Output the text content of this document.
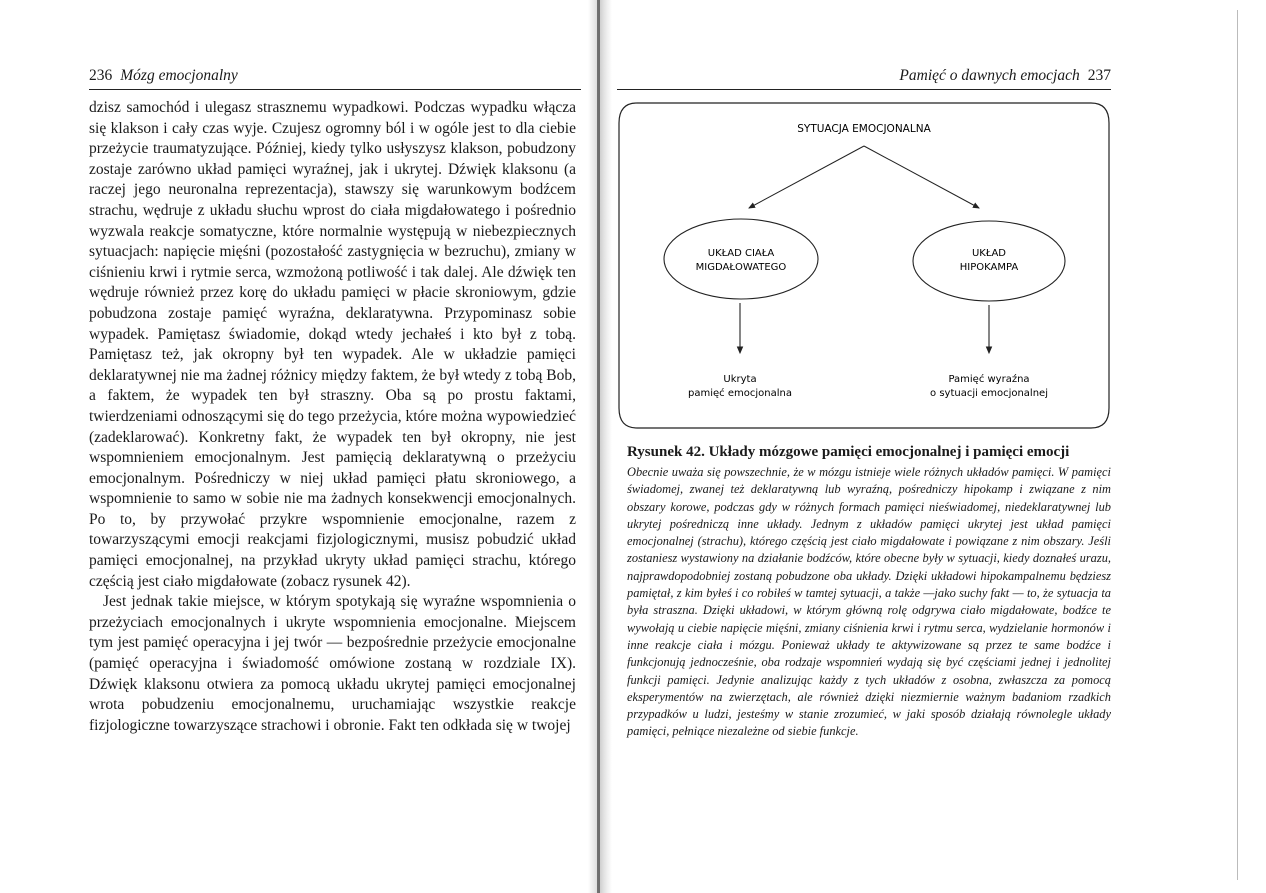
236 Mózg emocjonalny

dzisz samochód i ulegasz strasznemu wypadkowi. Podczas wypadku włącza się klakson i cały czas wyje. Czujesz ogromny ból i w ogóle jest to dla ciebie przeżycie traumatyzujące. Później, kiedy tylko usłyszysz klakson, pobudzony zostaje zarówno układ pamięci wyraźnej, jak i ukrytej. Dźwięk klaksonu (a raczej jego neuronalna reprezentacja), stawszy się warunkowym bodźcem strachu, wędruje z układu słuchu wprost do ciała migdałowatego i pośrednio wyzwala reakcje somatyczne, które normalnie występują w niebezpiecznych sytuacjach: napięcie mięśni (pozostałość zastygnięcia w bezruchu), zmiany w ciśnieniu krwi i rytmie serca, wzmożoną potliwość i tak dalej. Ale dźwięk ten wędruje również przez korę do układu pamięci w płacie skroniowym, gdzie pobudzona zostaje pamięć wyraźna, deklaratywna. Przypominasz sobie wypadek. Pamiętasz świadomie, dokąd wtedy jechałeś i kto był z tobą. Pamiętasz też, jak okropny był ten wypadek. Ale w układzie pamięci deklaratywnej nie ma żadnej różnicy między faktem, że był wtedy z tobą Bob, a faktem, że wypadek ten był straszny. Oba są po prostu faktami, twierdzeniami odnoszącymi się do tego przeżycia, które można wypowiedzieć (zadeklarować). Konkretny fakt, że wypadek ten był okropny, nie jest wspomnieniem emocjonalnym. Jest pamięcią deklaratywną o przeżyciu emocjonalnym. Pośredniczy w niej układ pamięci płatu skroniowego, a wspomnienie to samo w sobie nie ma żadnych konsekwencji emocjonalnych. Po to, by przywołać przykre wspomnienie emocjonalne, razem z towarzyszącymi emocji reakcjami fizjologicznymi, musisz pobudzić układ pamięci emocjonalnej, na przykład ukryty układ pamięci strachu, którego częścią jest ciało migdałowate (zobacz rysunek 42).

Jest jednak takie miejsce, w którym spotykają się wyraźne wspomnienia o przeżyciach emocjonalnych i ukryte wspomnienia emocjonalne. Miejscem tym jest pamięć operacyjna i jej twór — bezpośrednie przeżycie emocjonalne (pamięć operacyjna i świadomość omówione zostaną w rozdziale IX). Dźwięk klaksonu otwiera za pomocą układu ukrytej pamięci emocjonalnej wrota pobudzeniu emocjonalnemu, uruchamiając wszystkie reakcje fizjologiczne towarzyszące strachowi i obronie. Fakt ten odkłada się w twojej

Pamięć o dawnych emocjach 237
SYTUACJA EMOCJONALNA
UKŁAD CIAŁA
MIGDAŁOWATEGO
UKŁAD
HIPOKAMPA
Ukryta
pamięć emocjonalna
Pamięć wyraźna
o sytuacji emocjonalnej
Rysunek 42. Układy mózgowe pamięci emocjonalnej i pamięci emocji
Obecnie uważa się powszechnie, że w mózgu istnieje wiele różnych układów pamięci. W pamięci świadomej, zwanej też deklaratywną lub wyraźną, pośredniczy hipokamp i związane z nim obszary korowe, podczas gdy w różnych formach pamięci nieświadomej, niedeklaratywnej lub ukrytej pośredniczą inne układy. Jednym z układów pamięci ukrytej jest układ pamięci emocjonalnej (strachu), którego częścią jest ciało migdałowate i powiązane z nim obszary. Jeśli zostaniesz wystawiony na działanie bodźców, które obecne były w sytuacji, kiedy doznałeś urazu, najprawdopodobniej zostaną pobudzone oba układy. Dzięki układowi hipokampalnemu będziesz pamiętał, z kim byłeś i co robiłeś w tamtej sytuacji, a także —jako suchy fakt — to, że sytuacja ta była straszna. Dzięki układowi, w którym główną rolę odgrywa ciało migdałowate, bodźce te wywołają u ciebie napięcie mięśni, zmiany ciśnienia krwi i rytmu serca, wydzielanie hormonów i inne reakcje ciała i mózgu. Ponieważ układy te aktywizowane są przez te same bodźce i funkcjonują jednocześnie, oba rodzaje wspomnień wydają się być częściami jednej i jednolitej funkcji pamięci. Jedynie analizując każdy z tych układów z osobna, zwłaszcza za pomocą eksperymentów na zwierzętach, ale również dzięki niezmiernie ważnym badaniom rzadkich przypadków u ludzi, jesteśmy w stanie zrozumieć, w jaki sposób działają równolegle układy pamięci, pełniące niezależne od siebie funkcje.
